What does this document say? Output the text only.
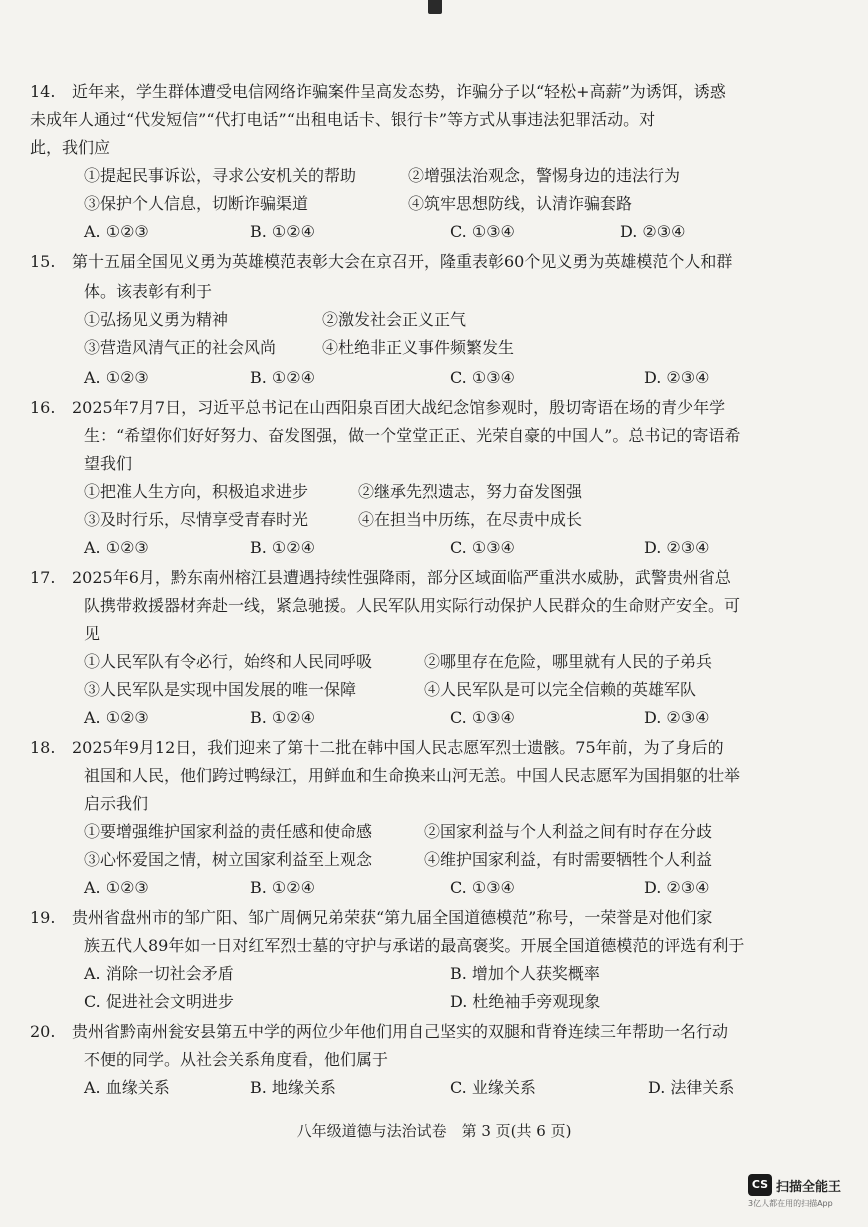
14. 近年来，学生群体遭受电信网络诈骗案件呈高发态势，诈骗分子以“轻松+高薪”为诱饵，诱惑
未成年人通过“代发短信”“代打电话”“出租电话卡、银行卡”等方式从事违法犯罪活动。对
此，我们应
①提起民事诉讼，寻求公安机关的帮助	②增强法治观念，警惕身边的违法行为
③保护个人信息，切断诈骗渠道	④筑牢思想防线，认清诈骗套路
A. ①②③	B. ①②④	C. ①③④	D. ②③④
15. 第十五届全国见义勇为英雄模范表彰大会在京召开，隆重表彰60个见义勇为英雄模范个人和群
体。该表彰有利于
①弘扬见义勇为精神	②激发社会正义正气
③营造风清气正的社会风尚	④杜绝非正义事件频繁发生
A. ①②③	B. ①②④	C. ①③④	D. ②③④
16. 2025年7月7日，习近平总书记在山西阳泉百团大战纪念馆参观时，殷切寄语在场的青少年学
生：“希望你们好好努力、奋发图强，做一个堂堂正正、光荣自豪的中国人”。总书记的寄语希
望我们
①把准人生方向，积极追求进步	②继承先烈遗志，努力奋发图强
③及时行乐，尽情享受青春时光	④在担当中历练，在尽责中成长
A. ①②③	B. ①②④	C. ①③④	D. ②③④
17. 2025年6月，黔东南州榕江县遭遇持续性强降雨，部分区域面临严重洪水威胁，武警贵州省总
队携带救援器材奔赴一线，紧急驰援。人民军队用实际行动保护人民群众的生命财产安全。可
见
①人民军队有令必行，始终和人民同呼吸	②哪里存在危险，哪里就有人民的子弟兵
③人民军队是实现中国发展的唯一保障	④人民军队是可以完全信赖的英雄军队
A. ①②③	B. ①②④	C. ①③④	D. ②③④
18. 2025年9月12日，我们迎来了第十二批在韩中国人民志愿军烈士遗骸。75年前，为了身后的
祖国和人民，他们跨过鸭绿江，用鲜血和生命换来山河无恙。中国人民志愿军为国捐躯的壮举
启示我们
①要增强维护国家利益的责任感和使命感	②国家利益与个人利益之间有时存在分歧
③心怀爱国之情，树立国家利益至上观念	④维护国家利益，有时需要牺牲个人利益
A. ①②③	B. ①②④	C. ①③④	D. ②③④
19. 贵州省盘州市的邹广阳、邹广周俩兄弟荣获“第九届全国道德模范”称号，一荣誉是对他们家
族五代人89年如一日对红军烈士墓的守护与承诺的最高褒奖。开展全国道德模范的评选有利于
A. 消除一切社会矛盾	B. 增加个人获奖概率
C. 促进社会文明进步	D. 杜绝袖手旁观现象
20. 贵州省黔南州瓮安县第五中学的两位少年他们用自己坚实的双腿和背脊连续三年帮助一名行动
不便的同学。从社会关系角度看，他们属于
A. 血缘关系	B. 地缘关系	C. 业缘关系	D. 法律关系
八年级道德与法治试卷　第 3 页(共 6 页)
CS 扫描全能王
3亿人都在用的扫描App
